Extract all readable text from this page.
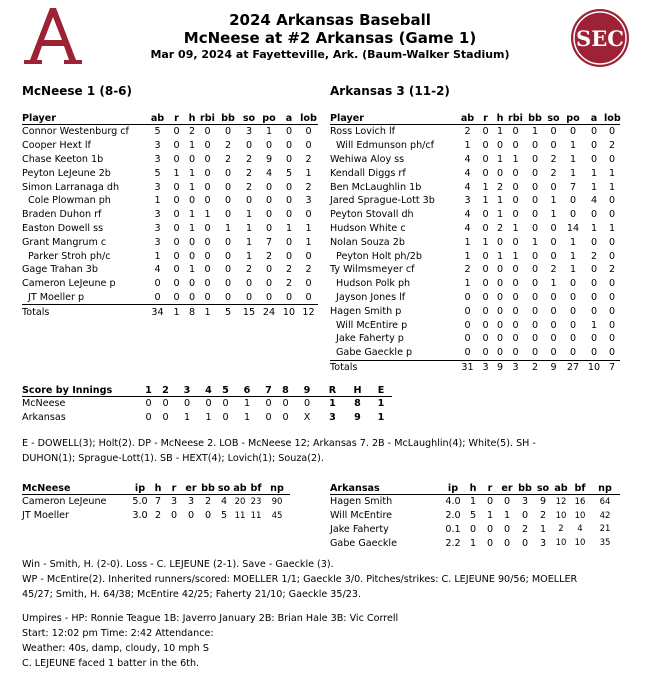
SEC
2024 Arkansas Baseball
McNeese at #2 Arkansas (Game 1)
Mar 09, 2024 at Fayetteville, Ark. (Baum-Walker Stadium)
McNeese 1 (8-6)	Arkansas 3 (11-2)
Player	ab	r	h	rbi	bb	so	po	a	lob
Connor Westenburg cf	5	0	2	0	0	3	1	0	0
Cooper Hext lf	3	0	1	0	2	0	0	0	0
Chase Keeton 1b	3	0	0	0	2	2	9	0	2
Peyton LeJeune 2b	5	1	1	0	0	2	4	5	1
Simon Larranaga dh	3	0	1	0	0	2	0	0	2
Cole Plowman ph	1	0	0	0	0	0	0	0	3
Braden Duhon rf	3	0	1	1	0	1	0	0	0
Easton Dowell ss	3	0	1	0	1	1	0	1	1
Grant Mangrum c	3	0	0	0	0	1	7	0	1
Parker Stroh ph/c	1	0	0	0	0	1	2	0	0
Gage Trahan 3b	4	0	1	0	0	2	0	2	2
Cameron LeJeune p	0	0	0	0	0	0	0	2	0
JT Moeller p	0	0	0	0	0	0	0	0	0
Totals	34	1	8	1	5	15	24	10	12
Player	ab	r	h	rbi	bb	so	po	a	lob
Ross Lovich lf	2	0	1	0	1	0	0	0	0
Will Edmunson ph/cf	1	0	0	0	0	0	1	0	2
Wehiwa Aloy ss	4	0	1	1	0	2	1	0	0
Kendall Diggs rf	4	0	0	0	0	2	1	1	1
Ben McLaughlin 1b	4	1	2	0	0	0	7	1	1
Jared Sprague-Lott 3b	3	1	1	0	0	1	0	4	0
Peyton Stovall dh	4	0	1	0	0	1	0	0	0
Hudson White c	4	0	2	1	0	0	14	1	1
Nolan Souza 2b	1	1	0	0	1	0	1	0	0
Peyton Holt ph/2b	1	0	1	1	0	0	1	2	0
Ty Wilmsmeyer cf	2	0	0	0	0	2	1	0	2
Hudson Polk ph	1	0	0	0	0	1	0	0	0
Jayson Jones lf	0	0	0	0	0	0	0	0	0
Hagen Smith p	0	0	0	0	0	0	0	0	0
Will McEntire p	0	0	0	0	0	0	0	1	0
Jake Faherty p	0	0	0	0	0	0	0	0	0
Gabe Gaeckle p	0	0	0	0	0	0	0	0	0
Totals	31	3	9	3	2	9	27	10	7
Score by Innings	1	2	3	4	5	6	7	8	9	R	H	E
McNeese	0	0	0	0	0	1	0	0	0	1	8	1
Arkansas	0	0	1	1	0	1	0	0	X	3	9	1
E - DOWELL(3); Holt(2). DP - McNeese 2. LOB - McNeese 12; Arkansas 7. 2B - McLaughlin(4); White(5). SH -
DUHON(1); Sprague-Lott(1). SB - HEXT(4); Lovich(1); Souza(2).
McNeese	ip	h	r	er	bb	so	ab	bf	np
Cameron LeJeune	5.0	7	3	3	2	4	20	23	90
JT Moeller	3.0	2	0	0	0	5	11	11	45
Arkansas	ip	h	r	er	bb	so	ab	bf	np
Hagen Smith	4.0	1	0	0	3	9	12	16	64
Will McEntire	2.0	5	1	1	0	2	10	10	42
Jake Faherty	0.1	0	0	0	2	1	2	4	21
Gabe Gaeckle	2.2	1	0	0	0	3	10	10	35
Win - Smith, H. (2-0). Loss - C. LEJEUNE (2-1). Save - Gaeckle (3).
WP - McEntire(2). Inherited runners/scored: MOELLER 1/1; Gaeckle 3/0. Pitches/strikes: C. LEJEUNE 90/56; MOELLER
45/27; Smith, H. 64/38; McEntire 42/25; Faherty 21/10; Gaeckle 35/23.
Umpires - HP: Ronnie Teague 1B: Javerro January 2B: Brian Hale 3B: Vic Correll
Start: 12:02 pm Time: 2:42 Attendance:
Weather: 40s, damp, cloudy, 10 mph S
C. LEJEUNE faced 1 batter in the 6th.
